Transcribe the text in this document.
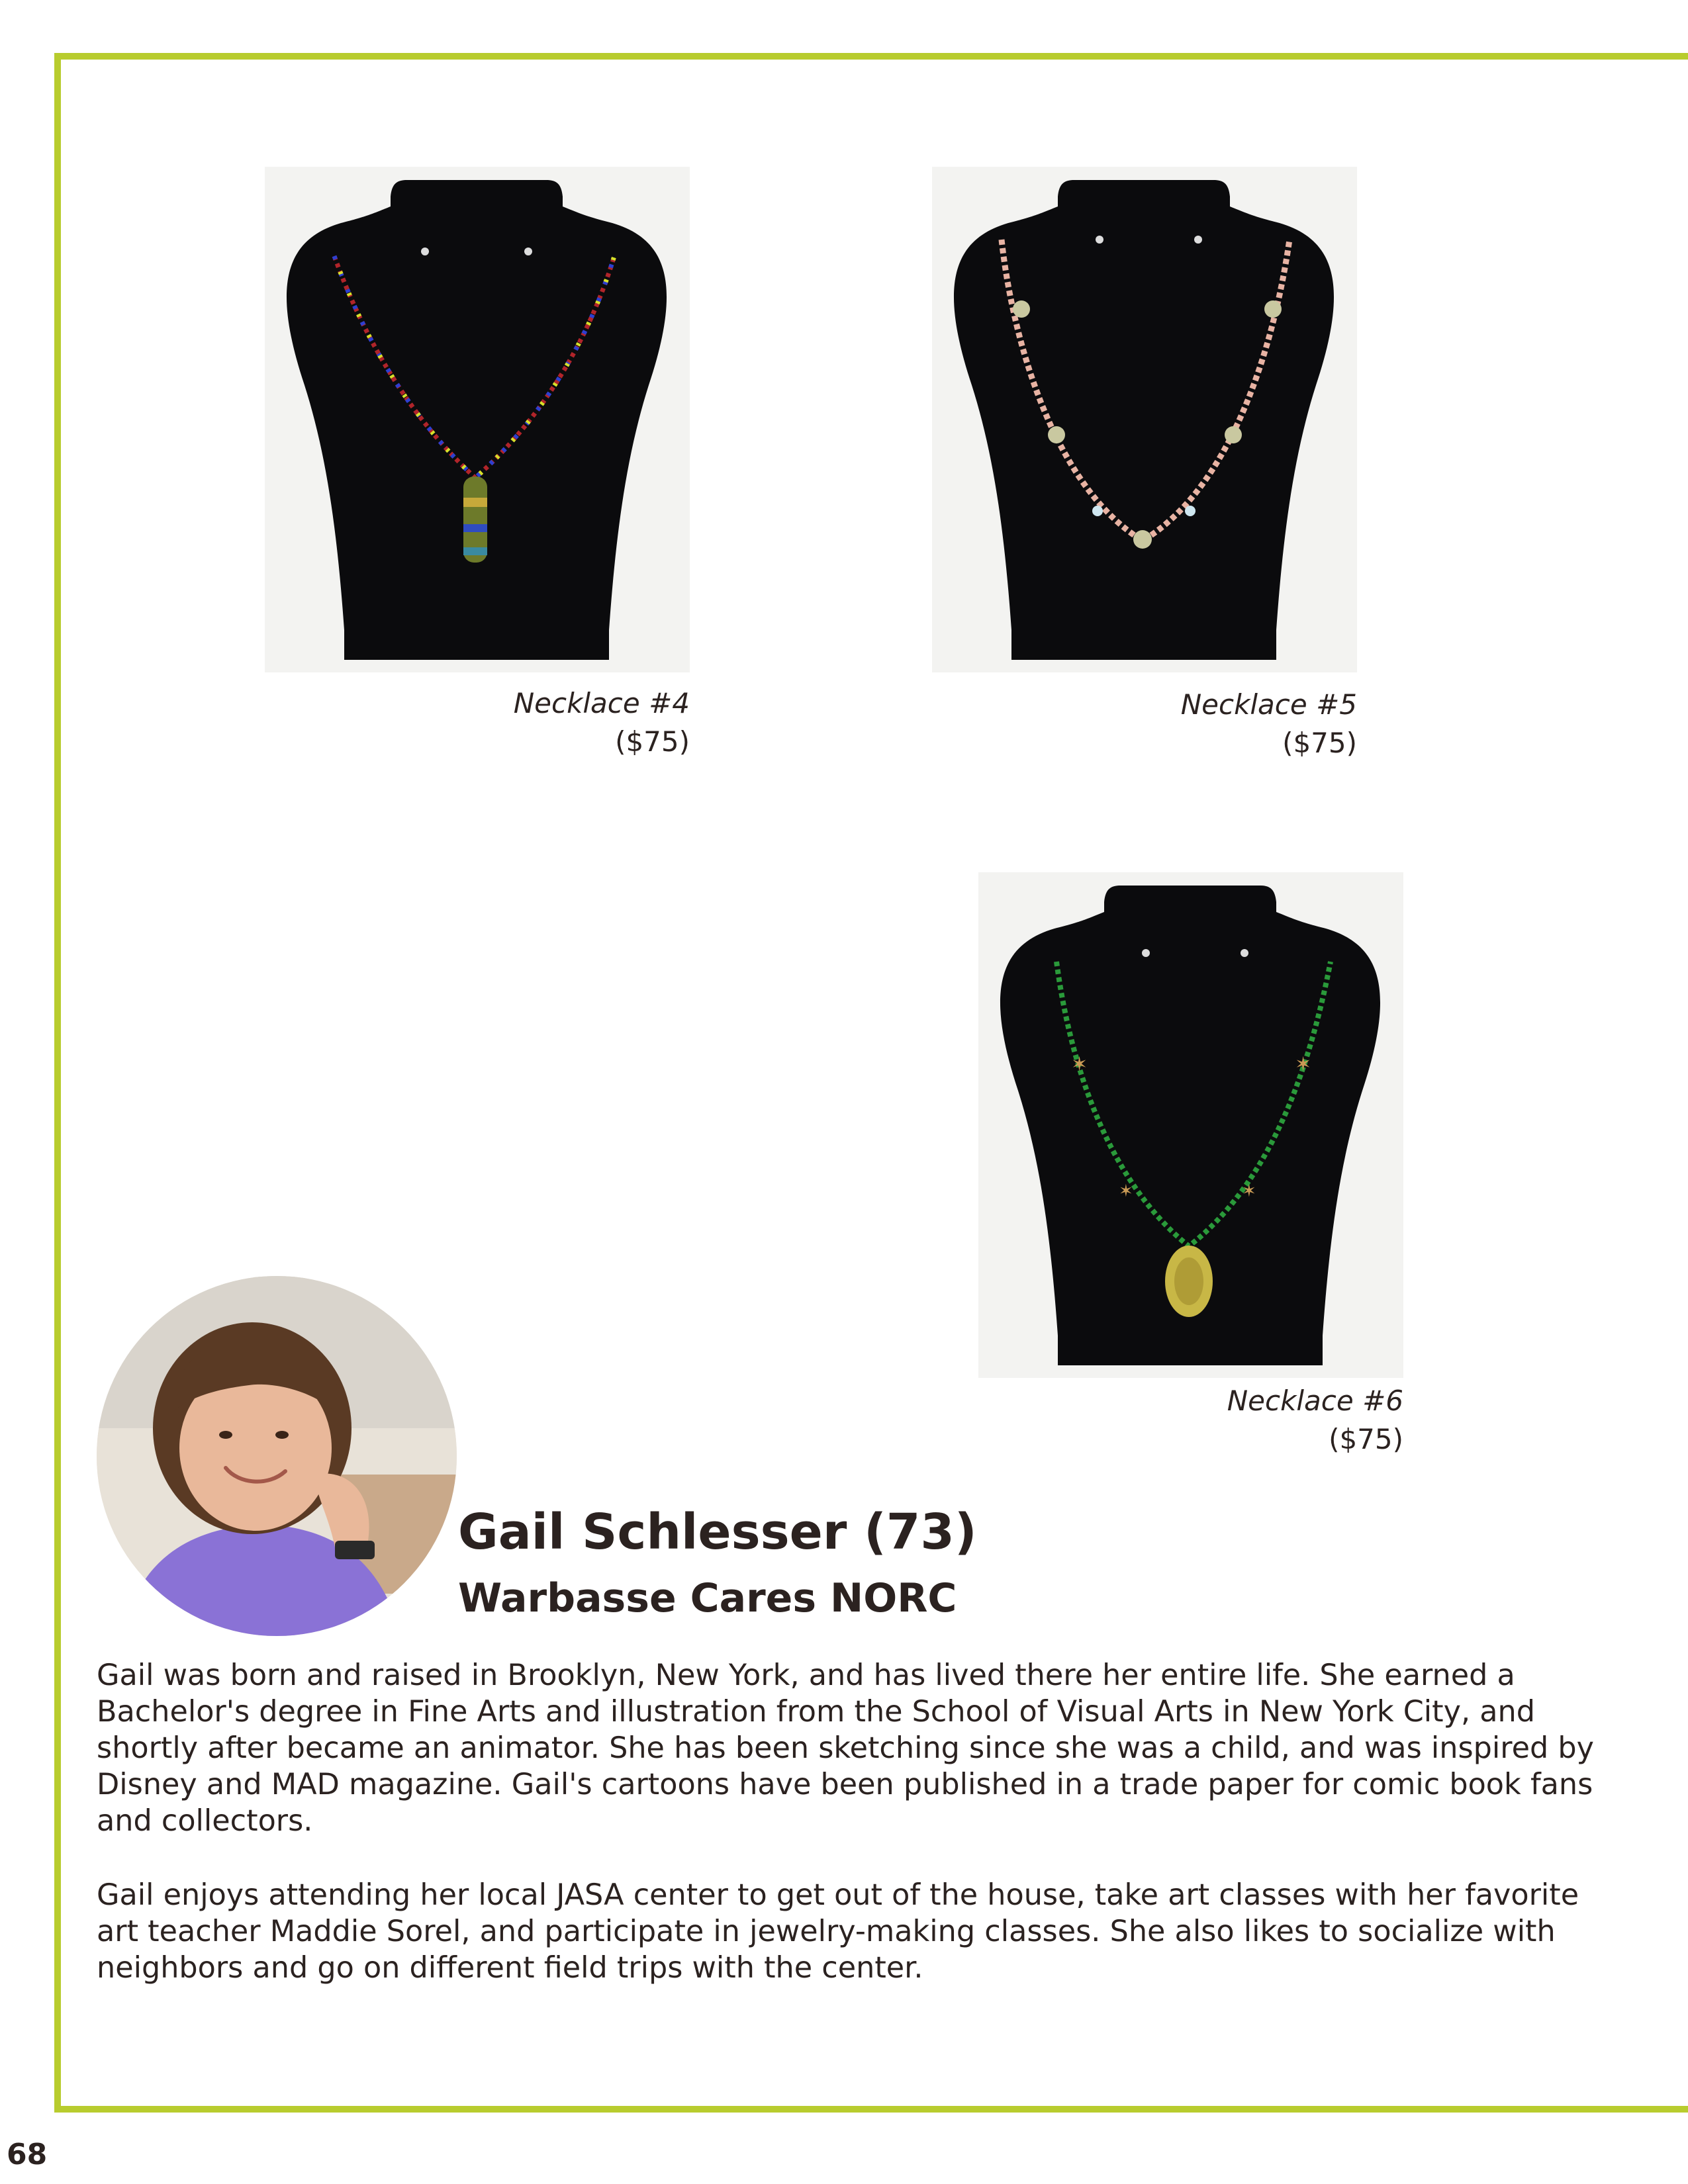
✶	✶
✶	✶
Necklace #4
($75)
Necklace #5
($75)
Necklace #6
($75)
Gail Schlesser (73)
Warbasse Cares NORC

Gail was born and raised in Brooklyn, New York, and has lived there her entire life. She earned a Bachelor's degree in Fine Arts and illustration from the School of Visual Arts in New York City, and shortly after became an animator. She has been sketching since she was a child, and was inspired by Disney and MAD magazine. Gail's cartoons have been published in a trade paper for comic book fans and collectors.

Gail enjoys attending her local JASA center to get out of the house, take art classes with her favorite art teacher Maddie Sorel, and participate in jewelry-making classes. She also likes to socialize with neighbors and go on different field trips with the center.

68
